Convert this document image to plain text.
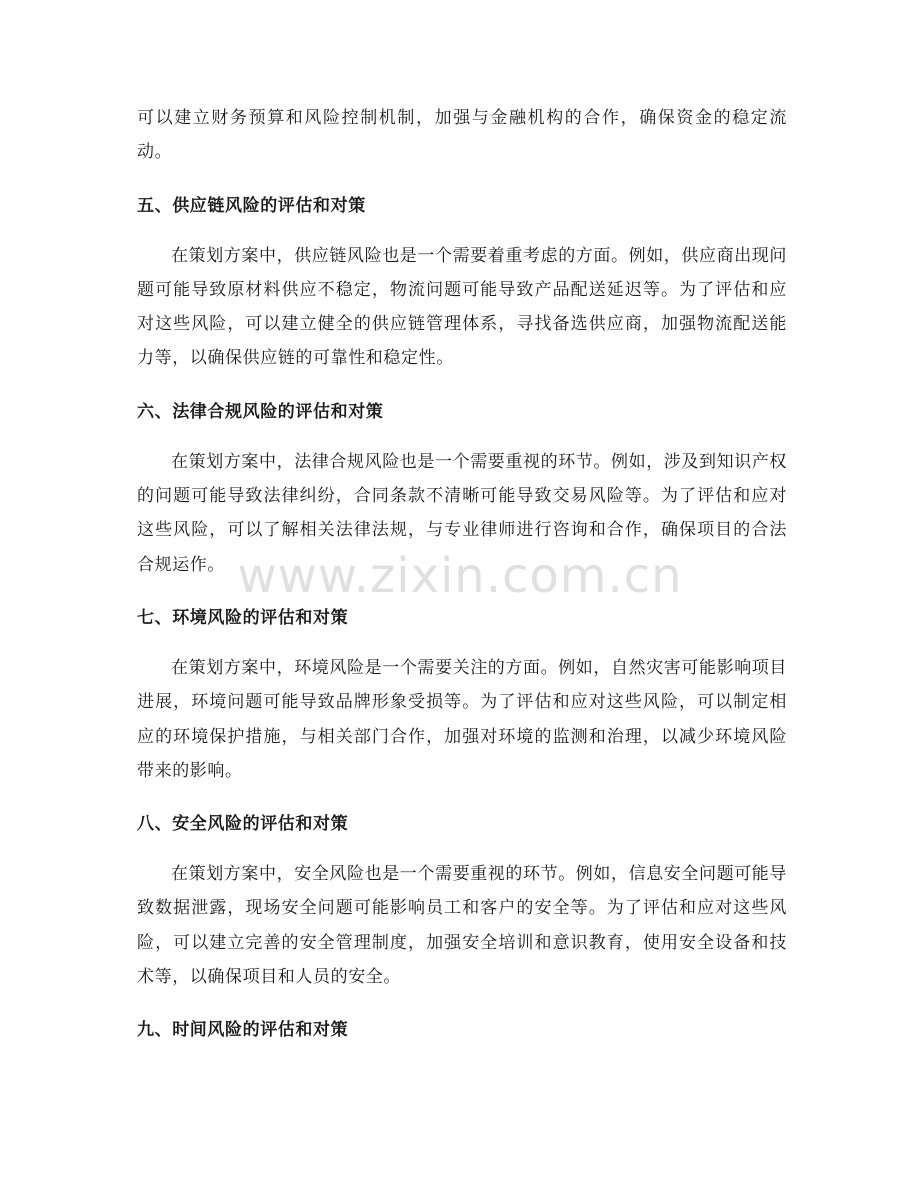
可以建立财务预算和风险控制机制，加强与金融机构的合作，确保资金的稳定流动。

五、供应链风险的评估和对策

在策划方案中，供应链风险也是一个需要着重考虑的方面。例如，供应商出现问题可能导致原材料供应不稳定，物流问题可能导致产品配送延迟等。为了评估和应对这些风险，可以建立健全的供应链管理体系，寻找备选供应商，加强物流配送能力等，以确保供应链的可靠性和稳定性。

六、法律合规风险的评估和对策

在策划方案中，法律合规风险也是一个需要重视的环节。例如，涉及到知识产权的问题可能导致法律纠纷，合同条款不清晰可能导致交易风险等。为了评估和应对这些风险，可以了解相关法律法规，与专业律师进行咨询和合作，确保项目的合法合规运作。

七、环境风险的评估和对策

在策划方案中，环境风险是一个需要关注的方面。例如，自然灾害可能影响项目进展，环境问题可能导致品牌形象受损等。为了评估和应对这些风险，可以制定相应的环境保护措施，与相关部门合作，加强对环境的监测和治理，以减少环境风险带来的影响。

八、安全风险的评估和对策

在策划方案中，安全风险也是一个需要重视的环节。例如，信息安全问题可能导致数据泄露，现场安全问题可能影响员工和客户的安全等。为了评估和应对这些风险，可以建立完善的安全管理制度，加强安全培训和意识教育，使用安全设备和技术等，以确保项目和人员的安全。

九、时间风险的评估和对策
www.zixin.com.cn
